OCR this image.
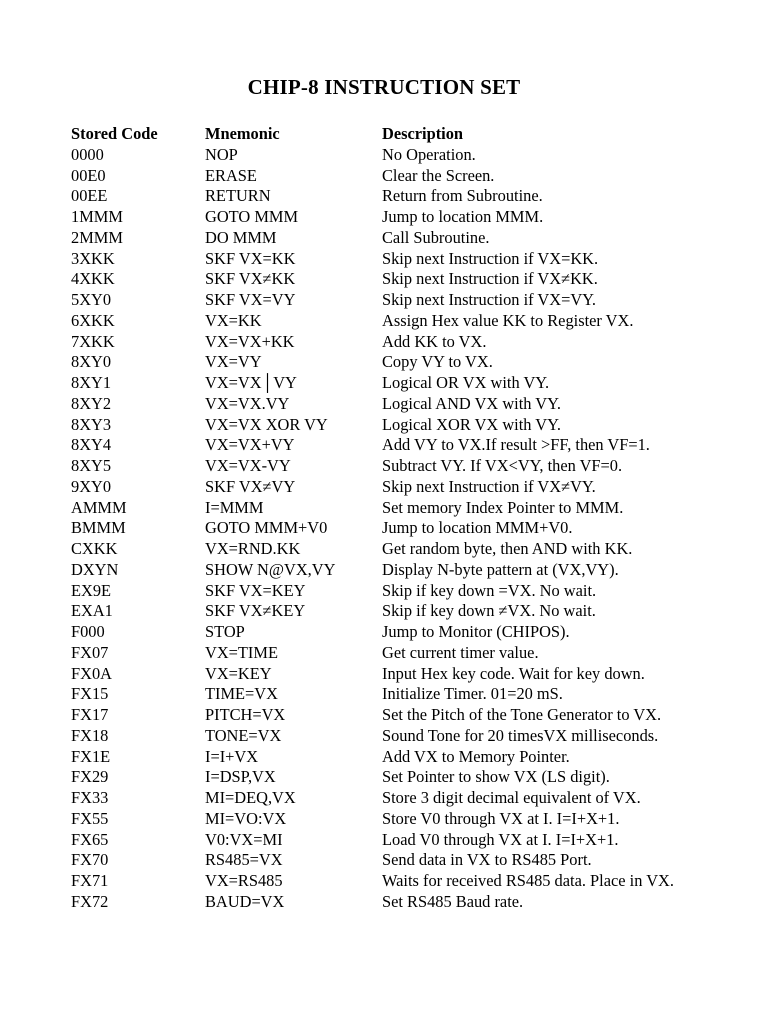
CHIP-8 INSTRUCTION SET
Stored Code	Mnemonic	Description
0000	NOP	No Operation.
00E0	ERASE	Clear the Screen.
00EE	RETURN	Return from Subroutine.
1MMM	GOTO MMM	Jump to location MMM.
2MMM	DO MMM	Call Subroutine.
3XKK	SKF VX=KK	Skip next Instruction if VX=KK.
4XKK	SKF VX≠KK	Skip next Instruction if VX≠KK.
5XY0	SKF VX=VY	Skip next Instruction if VX=VY.
6XKK	VX=KK	Assign Hex value KK to Register VX.
7XKK	VX=VX+KK	Add KK to VX.
8XY0	VX=VY	Copy VY to VX.
8XY1	VX=VX│VY	Logical OR VX with VY.
8XY2	VX=VX.VY	Logical AND VX with VY.
8XY3	VX=VX XOR VY	Logical XOR VX with VY.
8XY4	VX=VX+VY	Add VY to VX.If result >FF, then VF=1.
8XY5	VX=VX-VY	Subtract VY. If VX<VY, then VF=0.
9XY0	SKF VX≠VY	Skip next Instruction if VX≠VY.
AMMM	I=MMM	Set memory Index Pointer to MMM.
BMMM	GOTO MMM+V0	Jump to location MMM+V0.
CXKK	VX=RND.KK	Get random byte, then AND with KK.
DXYN	SHOW N@VX,VY	Display N-byte pattern at (VX,VY).
EX9E	SKF VX=KEY	Skip if key down =VX. No wait.
EXA1	SKF VX≠KEY	Skip if key down ≠VX. No wait.
F000	STOP	Jump to Monitor (CHIPOS).
FX07	VX=TIME	Get current timer value.
FX0A	VX=KEY	Input Hex key code. Wait for key down.
FX15	TIME=VX	Initialize Timer. 01=20 mS.
FX17	PITCH=VX	Set the Pitch of the Tone Generator to VX.
FX18	TONE=VX	Sound Tone for 20 timesVX milliseconds.
FX1E	I=I+VX	Add VX to Memory Pointer.
FX29	I=DSP,VX	Set Pointer to show VX (LS digit).
FX33	MI=DEQ,VX	Store 3 digit decimal equivalent of VX.
FX55	MI=VO:VX	Store V0 through VX at I. I=I+X+1.
FX65	V0:VX=MI	Load V0 through VX at I. I=I+X+1.
FX70	RS485=VX	Send data in VX to RS485 Port.
FX71	VX=RS485	Waits for received RS485 data. Place in VX.
FX72	BAUD=VX	Set RS485 Baud rate.
